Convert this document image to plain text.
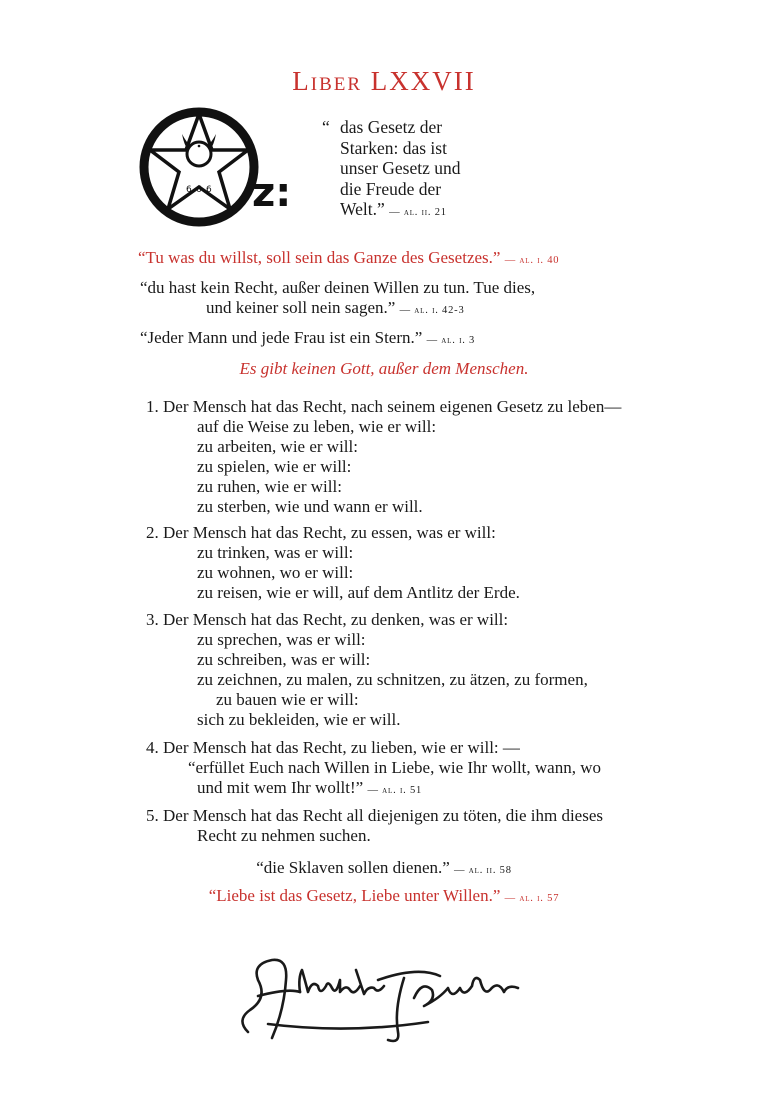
Liber LXXVII
6 6 6 z:
“ das Gesetz der
Starken: das ist
unser Gesetz und
die Freude der
Welt.” — al. ii. 21
“Tu was du willst, soll sein das Ganze des Gesetzes.” — al. i. 40
“du hast kein Recht, außer deinen Willen zu tun. Tue dies,
und keiner soll nein sagen.” — al. i. 42-3
“Jeder Mann und jede Frau ist ein Stern.” — al. i. 3
Es gibt keinen Gott, außer dem Menschen.
1. Der Mensch hat das Recht, nach seinem eigenen Gesetz zu leben—
auf die Weise zu leben, wie er will:
zu arbeiten, wie er will:
zu spielen, wie er will:
zu ruhen, wie er will:
zu sterben, wie und wann er will.
2. Der Mensch hat das Recht, zu essen, was er will:
zu trinken, was er will:
zu wohnen, wo er will:
zu reisen, wie er will, auf dem Antlitz der Erde.
3. Der Mensch hat das Recht, zu denken, was er will:
zu sprechen, was er will:
zu schreiben, was er will:
zu zeichnen, zu malen, zu schnitzen, zu ätzen, zu formen,
zu bauen wie er will:
sich zu bekleiden, wie er will.
4. Der Mensch hat das Recht, zu lieben, wie er will: —
“erfüllet Euch nach Willen in Liebe, wie Ihr wollt, wann, wo
und mit wem Ihr wollt!” — al. i. 51
5. Der Mensch hat das Recht all diejenigen zu töten, die ihm dieses
Recht zu nehmen suchen.
“die Sklaven sollen dienen.” — al. ii. 58
“Liebe ist das Gesetz, Liebe unter Willen.” — al. i. 57
